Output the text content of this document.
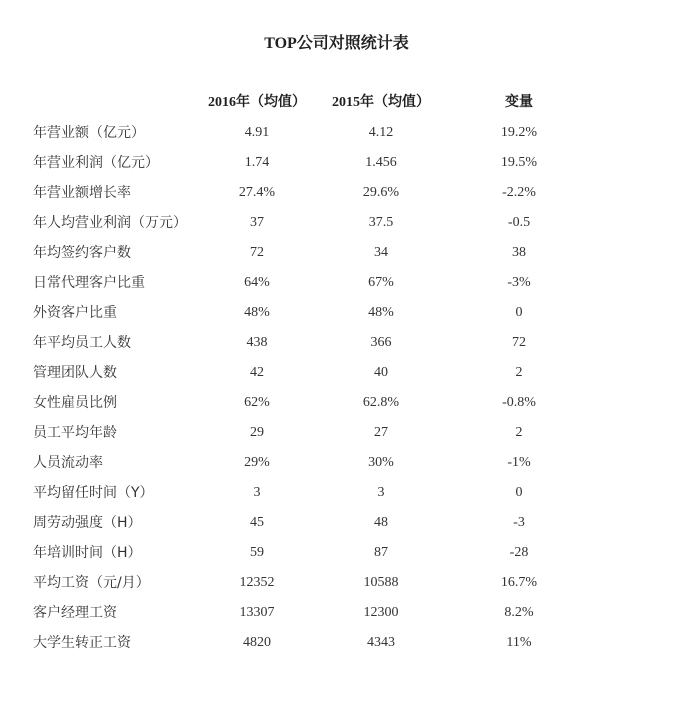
TOP公司对照统计表
	2016年（均值）	2015年（均值）	变量
年营业额（亿元）	4.91	4.12	19.2%
年营业利润（亿元）	1.74	1.456	19.5%
年营业额增长率	27.4%	29.6%	-2.2%
年人均营业利润（万元）	37	37.5	-0.5
年均签约客户数	72	34	38
日常代理客户比重	64%	67%	-3%
外资客户比重	48%	48%	0
年平均员工人数	438	366	72
管理团队人数	42	40	2
女性雇员比例	62%	62.8%	-0.8%
员工平均年龄	29	27	2
人员流动率	29%	30%	-1%
平均留任时间（Y）	3	3	0
周劳动强度（H）	45	48	-3
年培训时间（H）	59	87	-28
平均工资（元/月）	12352	10588	16.7%
客户经理工资	13307	12300	8.2%
大学生转正工资	4820	4343	11%
